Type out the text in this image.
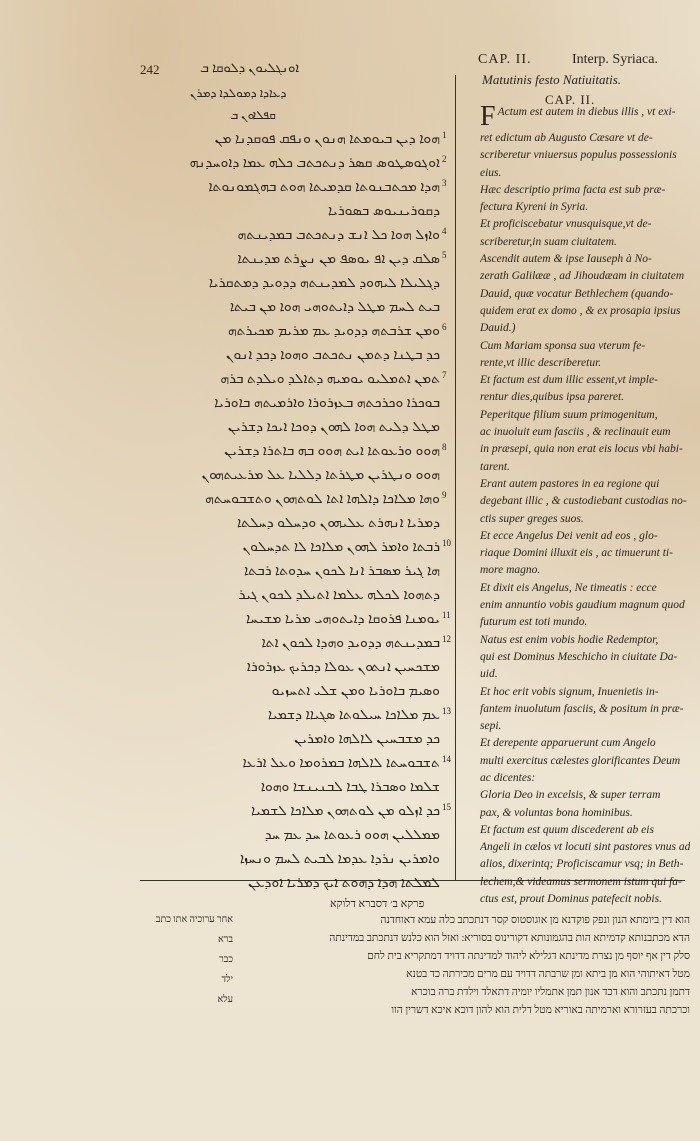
242	ܐܘܢܓܠܝܘܢ ܕܠܘܩܐ ܒ
ܕܥܐܕܐ ܕܡܘܠܕܐ ܕܡܪܢ
ܩܦܠܐܘܢ ܒ
CAP. II.	Interp. Syriaca.
Matutinis festo Natiuitatis.
CAP. II.
ܗܘܐ ܕܝܢ ܒܝܘܡܬܐ ܗܢܘܢ ܘܢܦܩ ܦܘܩܕܢܐ ܡܢ
ܐܘܓܘܣܛܘܣ ܩܣܪ ܕܢܬܟܬܒ ܟܠܗ ܥܡܐ ܕܐܘܚܕܢܗ
ܗܕܐ ܡܟܬܒܢܘܬܐ ܩܕܡܝܬܐ ܗܘܬ ܒܗܓܡܘܢܘܬܐ
ܕܩܘܪܝܢܝܘܣ ܒܣܘܪܝܐ
ܘܐܙܠ ܗܘܐ ܟܠ ܐܢܫ ܕܢܬܟܬܒ ܒܡܕܝܢܬܗ
ܣܠܩ ܕܝܢ ܐܦ ܝܘܣܦ ܡܢ ܢܨܪܬ ܡܕܝܢܬܐ
ܕܓܠܝܠܐ ܠܝܗܘܕ ܠܡܕܝܢܬܗ ܕܕܘܝܕ ܕܡܬܩܪܝܐ
ܒܝܬ ܠܚܡ ܡܛܠ ܕܐܝܬܘܗܝ ܗܘܐ ܡܢ ܒܝܬܐ
ܘܡܢ ܫܪܒܬܗ ܕܕܘܝܕ ܥܡ ܡܪܝܡ ܡܟܝܪܬܗ
ܟܕ ܒܛܢܐ ܕܬܡܢ ܢܬܟܬܒ ܘܗܘܐ ܕܟܕ ܐܢܘܢ
ܬܡܢ ܐܬܡܠܝܘ ܝܘܡܝܗ ܕܬܐܠܕ ܘܝܠܕܬ ܒܪܗ
ܒܘܟܪܐ ܘܟܪܟܬܗ ܒܥܙܪܘܪܐ ܘܐܪܡܝܬܗ ܒܐܘܪܝܐ
ܡܛܠ ܕܠܝܬ ܗܘܐ ܠܗܘܢ ܕܘܟܐ ܐܝܟܐ ܕܫܪܝܢ
ܗܘܘ ܘܪܥܘܬܐ ܐܝܬ ܗܘܘ ܒܗ ܒܐܬܪܐ ܕܫܪܝܢ
ܗܘܘ ܘܢܛܪܝܢ ܡܛܪܬܐ ܕܠܠܝܐ ܥܠ ܡܪܥܝܬܗܘܢ
ܘܗܐ ܡܠܐܟܐ ܕܐܠܗܐ ܐܬܐ ܠܘܬܗܘܢ ܘܬܫܒܘܚܬܗ
ܕܡܪܝܐ ܐܢܗܪܬ ܥܠܝܗܘܢ ܘܕܚܠܘ ܕܚܠܬܐ
ܪܒܬܐ ܘܐܡܪ ܠܗܘܢ ܡܠܐܟܐ ܠܐ ܬܕܚܠܘܢ
ܗܐ ܓܝܪ ܡܣܒܪ ܐܢܐ ܠܟܘܢ ܚܕܘܬܐ ܪܒܬܐ
ܕܬܗܘܐ ܠܟܠܗ ܥܠܡܐ ܐܬܝܠܕ ܠܟܘܢ ܓܝܪ
ܝܘܡܢܐ ܦܪܘܩܐ ܕܐܝܬܘܗܝ ܡܪܝܐ ܡܫܝܚܐ
ܒܡܕܝܢܬܗ ܕܕܘܝܕ ܘܗܕܐ ܠܟܘܢ ܐܬܐ
ܡܫܟܚܝܢ ܐܢܬܘܢ ܥܘܠܐ ܕܟܪܝܟ ܥܙܪܘܪܐ
ܘܣܝܡ ܒܐܘܪܝܐ ܘܡܢ ܫܠܝ ܐܬܚܙܝܘ
ܥܡ ܡܠܐܟܐ ܚܝܠܘܬܐ ܣܓܝܐܐ ܕܫܡܝܐ
ܟܕ ܡܫܒܚܝܢ ܠܐܠܗܐ ܘܐܡܪܝܢ
ܬܫܒܘܚܬܐ ܠܐܠܗܐ ܒܡܪܘܡܐ ܘܥܠ ܐܪܥܐ
ܫܠܡܐ ܘܣܒܪܐ ܛܒܐ ܠܒܢܝܢܫܐ ܘܗܘܐ
ܟܕ ܐܙܠܘ ܡܢ ܠܘܬܗܘܢ ܡܠܐܟܐ ܠܫܡܝܐ
ܡܡܠܠܝܢ ܗܘܘ ܪܥܘܬܐ ܚܕ ܥܡ ܚܕ
ܘܐܡܪܝܢ ܢܪܕܐ ܥܕܡܐ ܠܒܝܬ ܠܚܡ ܘܢܚܙܐ
ܠܡܠܬܐ ܗܕܐ ܕܗܘܬ ܐܝܟ ܕܡܪܝܐ ܐܘܕܥܢ
1
2
3
4
5
6
7
8
9
10
11
12
13
14
15
F Actum est autem in diebus illis , vt exi-
ret edictum ab Augusto Cæsare vt de-
scriberetur vniuersus populus possessionis
eius.
Hæc descriptio prima facta est sub præ-
fectura Kyreni in Syria.
Et proficiscebatur vnusquisque,vt de-
scriberetur,in suam ciuitatem.
Ascendit autem & ipse Iauseph à No-
zerath Galilææ , ad Jihoudæam in ciuitatem
Dauid, quæ vocatur Bethlechem (quando-
quidem erat ex domo , & ex prosapia ipsius
Dauid.)
Cum Mariam sponsa sua vterum fe-
rente,vt illic describeretur.
Et factum est dum illic essent,vt imple-
rentur dies,quibus ipsa pareret.
Peperitque filium suum primogenitum,
ac inuoluit eum fasciis , & reclinauit eum
in præsepi, quia non erat eis locus vbi habi-
tarent.
Erant autem pastores in ea regione qui
degebant illic , & custodiebant custodias no-
ctis super greges suos.
Et ecce Angelus Dei venit ad eos , glo-
riaque Domini illuxit eis , ac timuerunt ti-
more magno.
Et dixit eis Angelus, Ne timeatis : ecce
enim annuntio vobis gaudium magnum quod
futurum est toti mundo.
Natus est enim vobis hodie Redemptor,
qui est Dominus Meschicho in ciuitate Da-
uid.
Et hoc erit vobis signum, Inuenietis in-
fantem inuolutum fasciis, & positum in præ-
sepi.
Et derepente apparuerunt cum Angelo
multi exercitus cælestes glorificantes Deum
ac dicentes:
Gloria Deo in excelsis, & super terram
pax, & voluntas bona hominibus.
Et factum est quum discederent ab eis
Angeli in cælos vt locuti sint pastores vnus ad
alios, dixerintq; Proficiscamur vsq; in Beth-
lechem,& videamus sermonem istum qui fa-
ctus est, prout Dominus patefecit nobis.
פרקא ב׳ דסברא דלוקא
הוא דין ביומתא הנון ונפק פוקדנא מן אוגוסטוס קסר דנתכתב כלה עמא דאוחדנה
הדא מכתבנותא קדמיתא הות בהגמונותא דקורינוס בסוריא ׃ ואזל הוא כלנש דנתכתב במדינתה
סלק דין אף יוסף מן נצרת מדינתא דגלילא ליהוד למדינתה דדויד דמתקריא בית לחם
מטל דאיתוהי הוא מן ביתא ומן שרבתה דדויד עם מרים מכירתה כד בטנא
דתמן נתכתב והוא דכד אנון תמן אתמליו יומיה דתאלד וילדת ברה בוכרא
וכרכתה בעזרורא וארמיתה באוריא מטל דלית הוא להון דוכא איכא דשרין הוו
אחר ערוכיה אתו כתב
ברא
כבר
ילד
עלא
